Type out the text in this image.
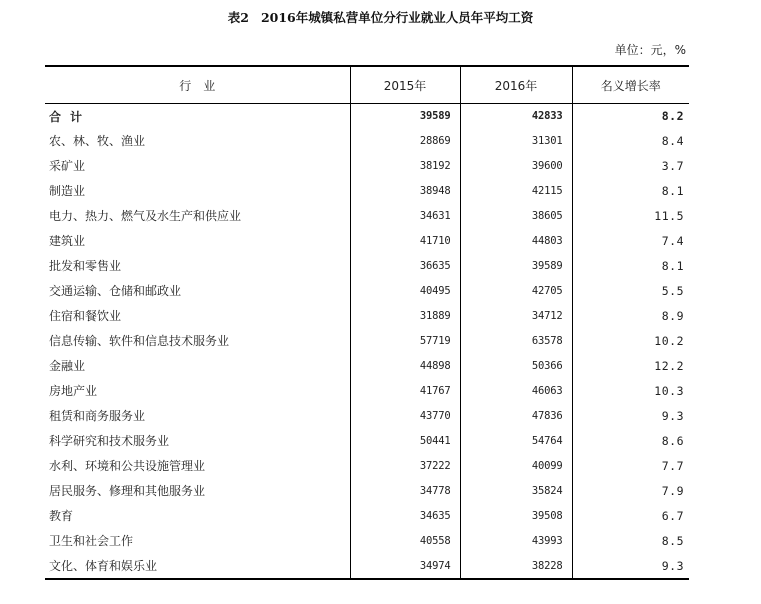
表2 2016年城镇私营单位分行业就业人员年平均工资
单位：元，%
行　业	2015年	2016年	名义增长率
合计	39589	42833	8.2
农、林、牧、渔业	28869	31301	8.4
采矿业	38192	39600	3.7
制造业	38948	42115	8.1
电力、热力、燃气及水生产和供应业	34631	38605	11.5
建筑业	41710	44803	7.4
批发和零售业	36635	39589	8.1
交通运输、仓储和邮政业	40495	42705	5.5
住宿和餐饮业	31889	34712	8.9
信息传输、软件和信息技术服务业	57719	63578	10.2
金融业	44898	50366	12.2
房地产业	41767	46063	10.3
租赁和商务服务业	43770	47836	9.3
科学研究和技术服务业	50441	54764	8.6
水利、环境和公共设施管理业	37222	40099	7.7
居民服务、修理和其他服务业	34778	35824	7.9
教育	34635	39508	6.7
卫生和社会工作	40558	43993	8.5
文化、体育和娱乐业	34974	38228	9.3
